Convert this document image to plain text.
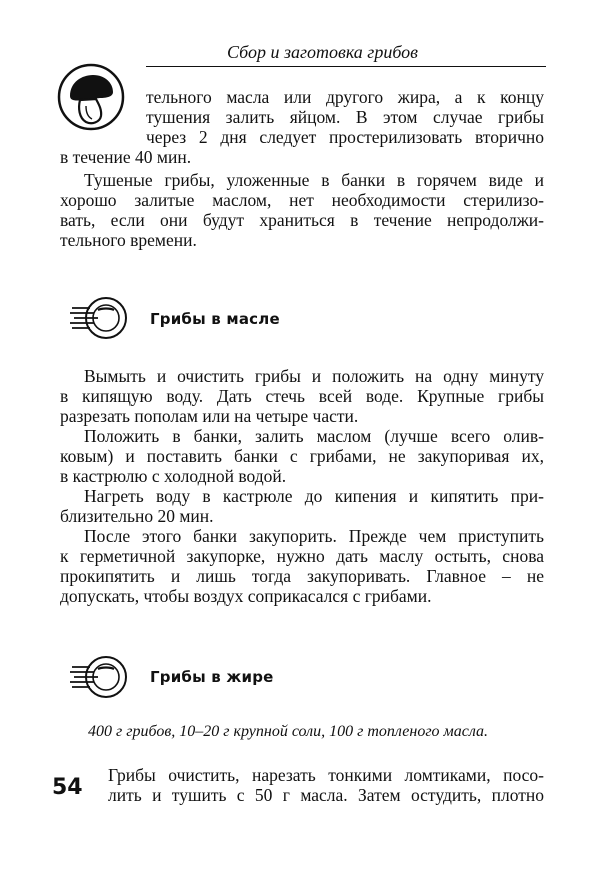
Сбор и заготовка грибов
тельного масла или другого жира, а к концу
тушения залить яйцом. В этом случае грибы
через 2 дня следует простерилизовать вторично
в течение 40 мин.
Тушеные грибы, уложенные в банки в горячем виде и
хорошо залитые маслом, нет необходимости стерилизо-
вать, если они будут храниться в течение непродолжи-
тельного времени.
Грибы в масле
Вымыть и очистить грибы и положить на одну минуту
в кипящую воду. Дать стечь всей воде. Крупные грибы
разрезать пополам или на четыре части.
Положить в банки, залить маслом (лучше всего олив-
ковым) и поставить банки с грибами, не закупоривая их,
в кастрюлю с холодной водой.
Нагреть воду в кастрюле до кипения и кипятить при-
близительно 20 мин.
После этого банки закупорить. Прежде чем приступить
к герметичной закупорке, нужно дать маслу остыть, снова
прокипятить и лишь тогда закупоривать. Главное – не
допускать, чтобы воздух соприкасался с грибами.
Грибы в жире
400 г грибов, 10–20 г крупной соли, 100 г топленого масла.
54 Грибы очистить, нарезать тонкими ломтиками, посо-
лить и тушить с 50 г масла. Затем остудить, плотно
